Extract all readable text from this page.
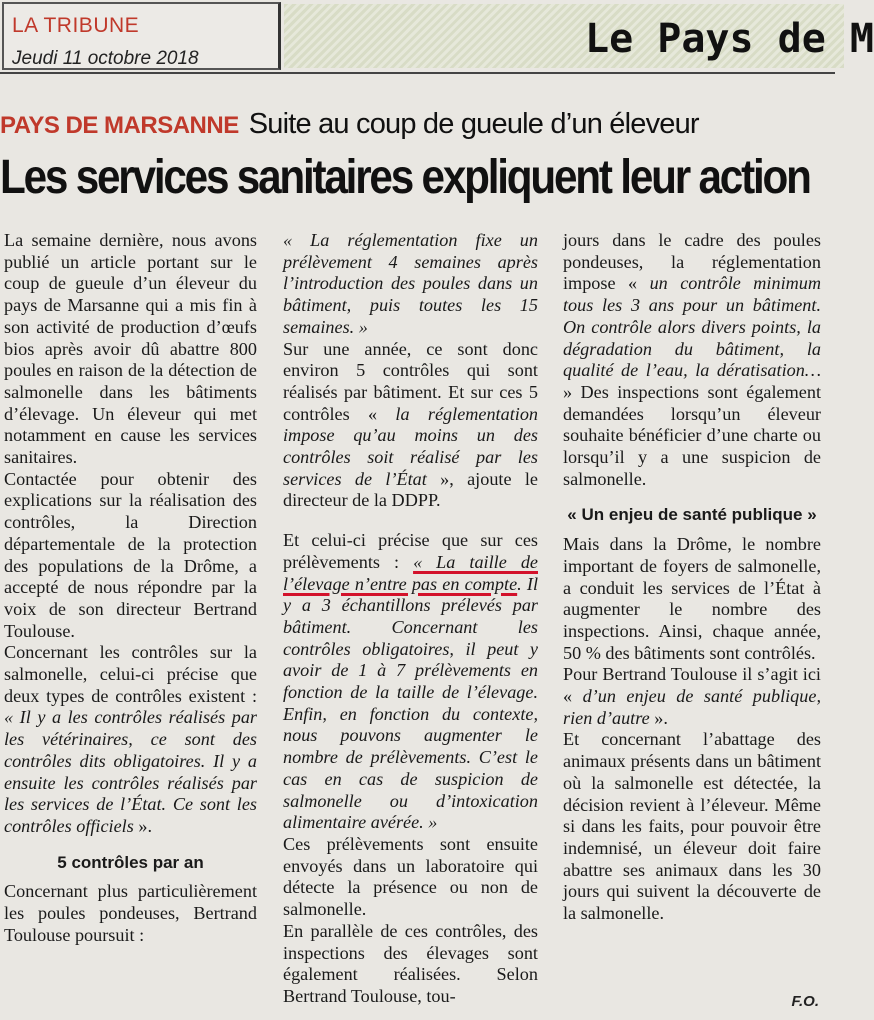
LA TRIBUNE
Jeudi 11 octobre 2018	Le Pays de M
PAYS DE MARSANNE Suite au coup de gueule d’un éleveur
Les services sanitaires expliquent leur action

La semaine dernière, nous avons publié un article portant sur le coup de gueule d’un éleveur du pays de Marsanne qui a mis fin à son activité de production d’œufs bios après avoir dû abattre 800 poules en raison de la détection de salmonelle dans les bâtiments d’élevage. Un éleveur qui met notamment en cause les services sanitaires.

Contactée pour obtenir des explications sur la réalisation des contrôles, la Direction départementale de la protection des populations de la Drôme, a accepté de nous répondre par la voix de son directeur Bertrand Toulouse.

Concernant les contrôles sur la salmonelle, celui-ci précise que deux types de contrôles existent : « Il y a les contrôles réalisés par les vétérinaires, ce sont des contrôles dits obligatoires. Il y a ensuite les contrôles réalisés par les services de l’État. Ce sont les contrôles officiels ».

5 contrôles par an

Concernant plus particulièrement les poules pondeuses, Bertrand Toulouse poursuit :

« La réglementation fixe un prélèvement 4 semaines après l’introduction des poules dans un bâtiment, puis toutes les 15 semaines. »

Sur une année, ce sont donc environ 5 contrôles qui sont réalisés par bâtiment. Et sur ces 5 contrôles « la réglementation impose qu’au moins un des contrôles soit réalisé par les services de l’État », ajoute le directeur de la DDPP.

Et celui-ci précise que sur ces prélèvements : « La taille de l’élevage n’entre pas en compte. Il y a 3 échantillons prélevés par bâtiment. Concernant les contrôles obligatoires, il peut y avoir de 1 à 7 prélèvements en fonction de la taille de l’élevage. Enfin, en fonction du contexte, nous pouvons augmenter le nombre de prélèvements. C’est le cas en cas de suspicion de salmonelle ou d’intoxication alimentaire avérée. »

Ces prélèvements sont ensuite envoyés dans un laboratoire qui détecte la présence ou non de salmonelle.

En parallèle de ces contrôles, des inspections des élevages sont également réalisées. Selon Bertrand Toulouse, tou-

jours dans le cadre des poules pondeuses, la réglementation impose « un contrôle minimum tous les 3 ans pour un bâtiment. On contrôle alors divers points, la dégradation du bâtiment, la qualité de l’eau, la dératisation… » Des inspections sont également demandées lorsqu’un éleveur souhaite bénéficier d’une charte ou lorsqu’il y a une suspicion de salmonelle.

« Un enjeu de santé publique »

Mais dans la Drôme, le nombre important de foyers de salmonelle, a conduit les services de l’État à augmenter le nombre des inspections. Ainsi, chaque année, 50 % des bâtiments sont contrôlés.

Pour Bertrand Toulouse il s’agit ici « d’un enjeu de santé publique, rien d’autre ».

Et concernant l’abattage des animaux présents dans un bâtiment où la salmonelle est détectée, la décision revient à l’éleveur. Même si dans les faits, pour pouvoir être indemnisé, un éleveur doit faire abattre ses animaux dans les 30 jours qui suivent la découverte de la salmonelle.

F.O.
